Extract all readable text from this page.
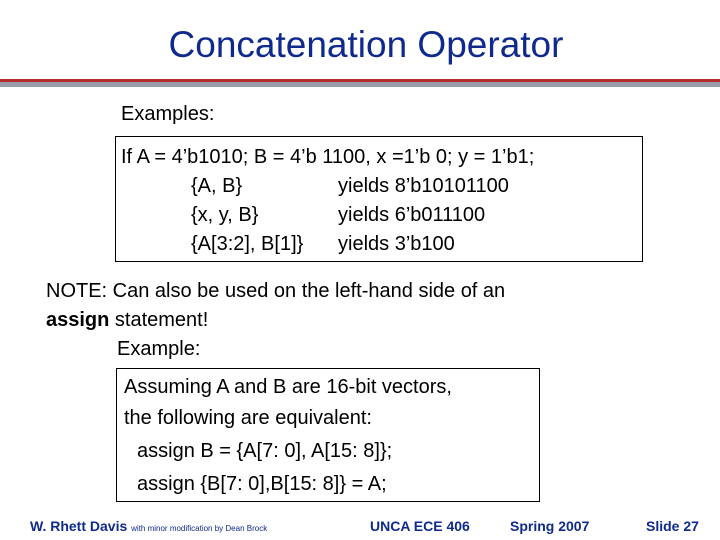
Concatenation Operator
Examples:
If A = 4’b1010; B = 4’b 1100, x =1’b 0; y = 1’b1;
{A, B}	yields 8’b10101100
{x, y, B}	yields 6’b011100
{A[3:2], B[1]} yields 3’b100
NOTE: Can also be used on the left-hand side of an
assign statement!
Example:
Assuming A and B are 16-bit vectors,
the following are equivalent:
assign B = {A[7: 0], A[15: 8]};
assign {B[7: 0],B[15: 8]} = A;
W. Rhett Davis with minor modification by Dean Brock	UNCA ECE 406	Spring 2007	Slide 27
